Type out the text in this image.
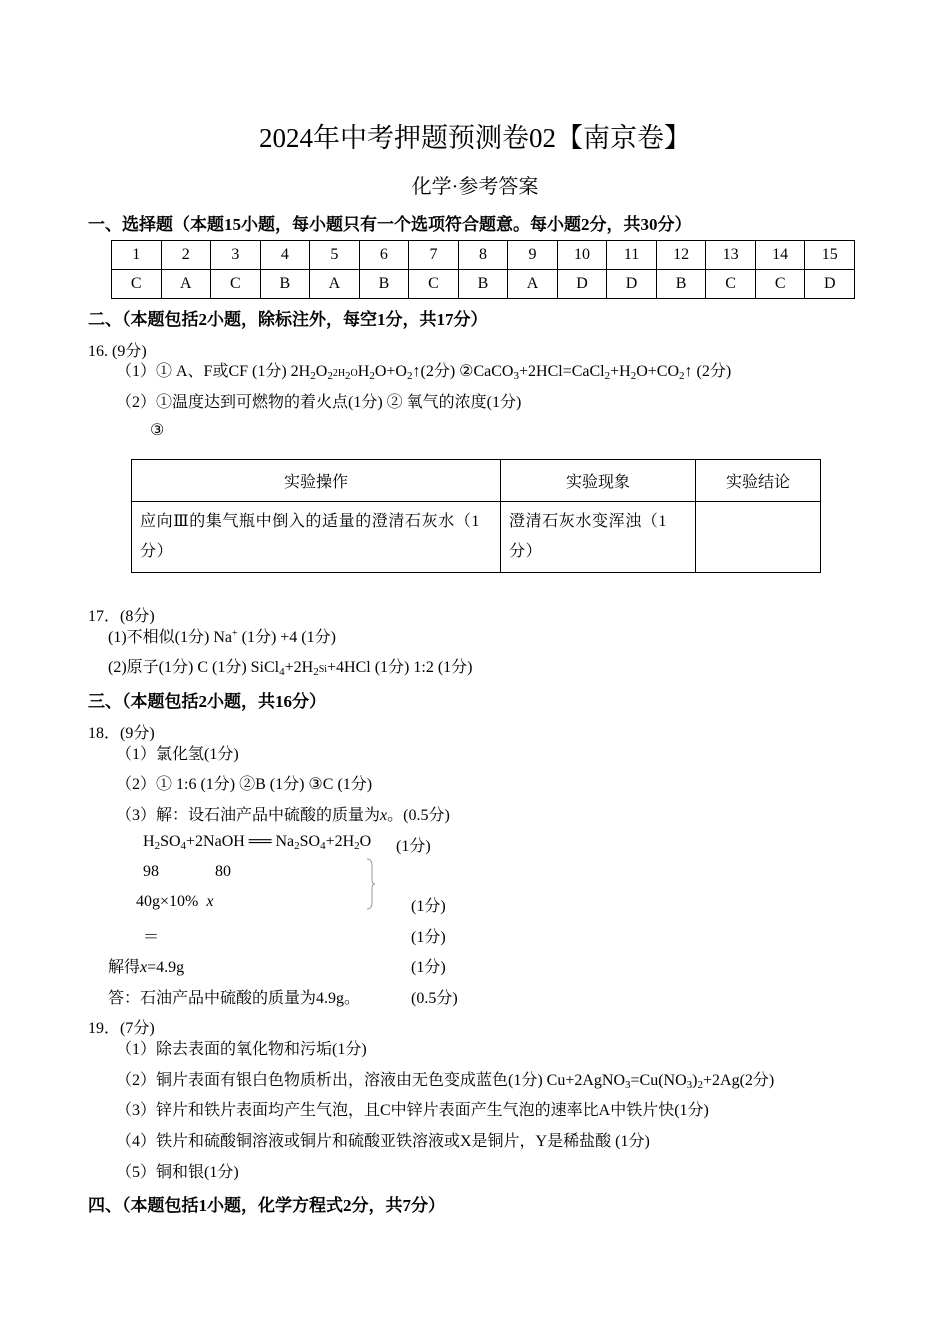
2024年中考押题预测卷02【南京卷】
化学·参考答案
一、选择题（本题15小题，每小题只有一个选项符合题意。每小题2分，共30分）
1	2	3	4	5	6	7	8	9	10	11	12	13	14	15
C	A	C	B	A	B	C	B	A	D	D	B	C	C	D
二、（本题包括2小题，除标注外，每空1分，共17分）
16. (9分)
（1）① A、F或CF (1分) $2H_2O_22H_2OH_2O+O_2↑(2$分) $②CaCO_3+2HCl=CaCl_2+H_2O+CO_2↑$ (2分)
（2）①温度达到可燃物的着火点(1分) ② 氧气的浓度(1分)
③
实验操作	实验现象	实验结论
应向Ⅲ的集气瓶中倒入的适量的澄清石灰水（1分）	澄清石灰水变浑浊（1分）	
17．(8分)
(1)不相似(1分) Na+ (1分) +4 (1分)
(2)原子(1分) C (1分) $SiCl_4+2H_2Si+4HCl$ (1分) 1:2 (1分)
三、（本题包括2小题，共16分）
18．(9分)
（1）氯化氢(1分)
（2）① 1:6 (1分) ②B (1分) ③C (1分)
（3）解：设石油产品中硫酸的质量为x。(0.5分)
$H_2SO_4+2NaOH$ ══ $Na_2SO_4+2H_2O$ (1分)
98	80
40g×10% x	(1分)
＝	(1分)
解得x=4.9g	(1分)
答：石油产品中硫酸的质量为4.9g。	(0.5分)
19．(7分)
（1）除去表面的氧化物和污垢(1分)
（2）铜片表面有银白色物质析出，溶液由无色变成蓝色(1分) $Cu+2AgNO_3=Cu(NO_3)_2+2Ag(2$分)
（3）锌片和铁片表面均产生气泡，且C中锌片表面产生气泡的速率比A中铁片快(1分)
（4）铁片和硫酸铜溶液或铜片和硫酸亚铁溶液或X是铜片，Y是稀盐酸 (1分)
（5）铜和银(1分)
四、（本题包括1小题，化学方程式2分，共7分）
